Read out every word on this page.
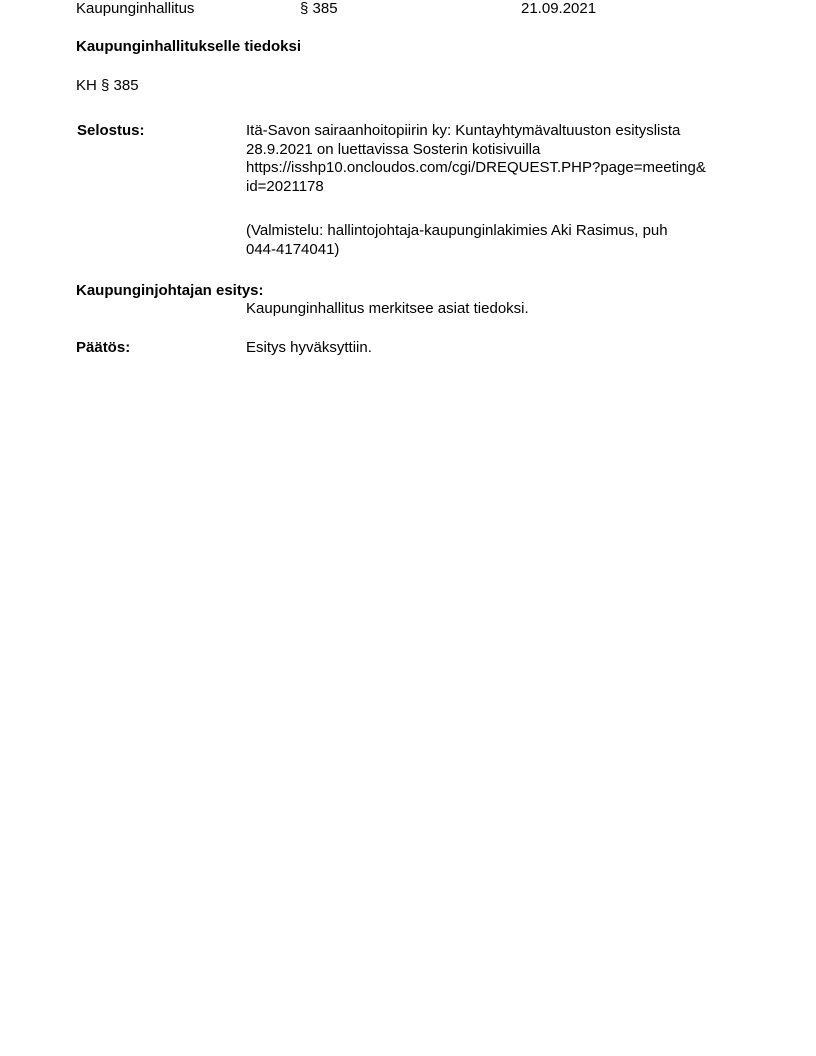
Kaupunginhallitus	§ 385	21.09.2021
Kaupunginhallitukselle tiedoksi
KH § 385
Selostus:	Itä-Savon sairaanhoitopiirin ky: Kuntayhtymävaltuuston esityslista
28.9.2021 on luettavissa Sosterin kotisivuilla
https://isshp10.oncloudos.com/cgi/DREQUEST.PHP?page=meeting&
id=2021178
(Valmistelu: hallintojohtaja-kaupunginlakimies Aki Rasimus, puh
044-4174041)
Kaupunginjohtajan esitys:
Kaupunginhallitus merkitsee asiat tiedoksi.
Päätös:	Esitys hyväksyttiin.
